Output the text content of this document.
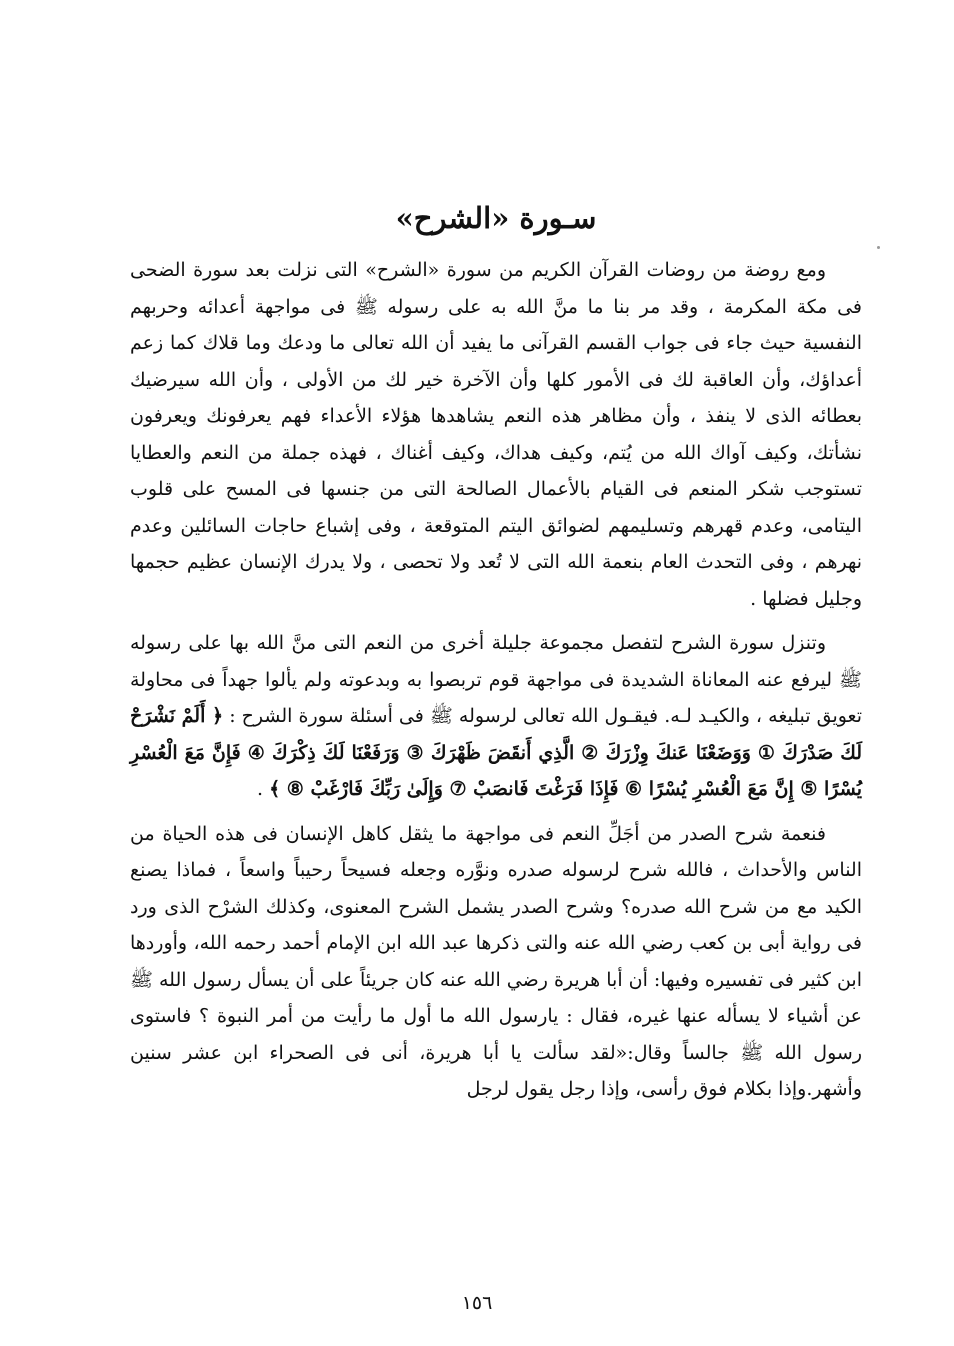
سـورة «الشرح»

ومع روضة من روضات القرآن الكريم من سورة «الشرح» التى نزلت بعد سورة الضحى فى مكة المكرمة ، وقد مر بنا ما منَّ الله به على رسوله ﷺ فى مواجهة أعدائه وحربهم النفسية حيث جاء فى جواب القسم القرآنى ما يفيد أن الله تعالى ما ودعك وما قلاك كما زعم أعداؤك، وأن العاقبة لك فى الأمور كلها وأن الآخرة خير لك من الأولى ، وأن الله سيرضيك بعطائه الذى لا ينفذ ، وأن مظاهر هذه النعم يشاهدها هؤلاء الأعداء فهم يعرفونك ويعرفون نشأتك، وكيف آواك الله من يُتم، وكيف هداك، وكيف أغناك ، فهذه جملة من النعم والعطايا تستوجب شكر المنعم فى القيام بالأعمال الصالحة التى من جنسها فى المسح على قلوب اليتامى، وعدم قهرهم وتسليمهم لضوائق اليتم المتوقعة ، وفى إشباع حاجات السائلين وعدم نهرهم ، وفى التحدث العام بنعمة الله التى لا تُعد ولا تحصى ، ولا يدرك الإنسان عظيم حجمها وجليل فضلها .

وتنزل سورة الشرح لتفصل مجموعة جليلة أخرى من النعم التى منَّ الله بها على رسوله ﷺ ليرفع عنه المعاناة الشديدة فى مواجهة قوم تربصوا به وبدعوته ولم يألوا جهداً فى محاولة تعويق تبليغه ، والكيـد لـه. فيقـول الله تعالى لرسوله ﷺ فى أسئلة سورة الشرح : ﴿ أَلَمْ نَشْرَحْ لَكَ صَدْرَكَ ① وَوَضَعْنَا عَنكَ وِزْرَكَ ② الَّذِي أَنقَضَ ظَهْرَكَ ③ وَرَفَعْنَا لَكَ ذِكْرَكَ ④ فَإِنَّ مَعَ الْعُسْرِ يُسْرًا ⑤ إِنَّ مَعَ الْعُسْرِ يُسْرًا ⑥ فَإِذَا فَرَغْتَ فَانصَبْ ⑦ وَإِلَىٰ رَبِّكَ فَارْغَبْ ⑧ ﴾ .

فنعمة شرح الصدر من أجَلِّ النعم فى مواجهة ما يثقل كاهل الإنسان فى هذه الحياة من الناس والأحداث ، فالله شرح لرسوله صدره ونوَّره وجعله فسيحاً رحيباً واسعاً ، فماذا يصنع الكيد مع من شرح الله صدره؟ وشرح الصدر يشمل الشرح المعنوى، وكذلك الشرْح الذى ورد فى رواية أبى بن كعب رضي الله عنه والتى ذكرها عبد الله ابن الإمام أحمد رحمه الله، وأوردها ابن كثير فى تفسيره وفيها: أن أبا هريرة رضي الله عنه كان جريئاً على أن يسأل رسول الله ﷺ عن أشياء لا يسأله عنها غيره، فقال : يارسول الله ما أول ما رأيت من أمر النبوة ؟ فاستوى رسول الله ﷺ جالساً وقال:«لقد سألت يا أبا هريرة، أنى فى الصحراء ابن عشر سنين وأشهر.وإذا بكلام فوق رأسى، وإذا رجل يقول لرجل

١٥٦
